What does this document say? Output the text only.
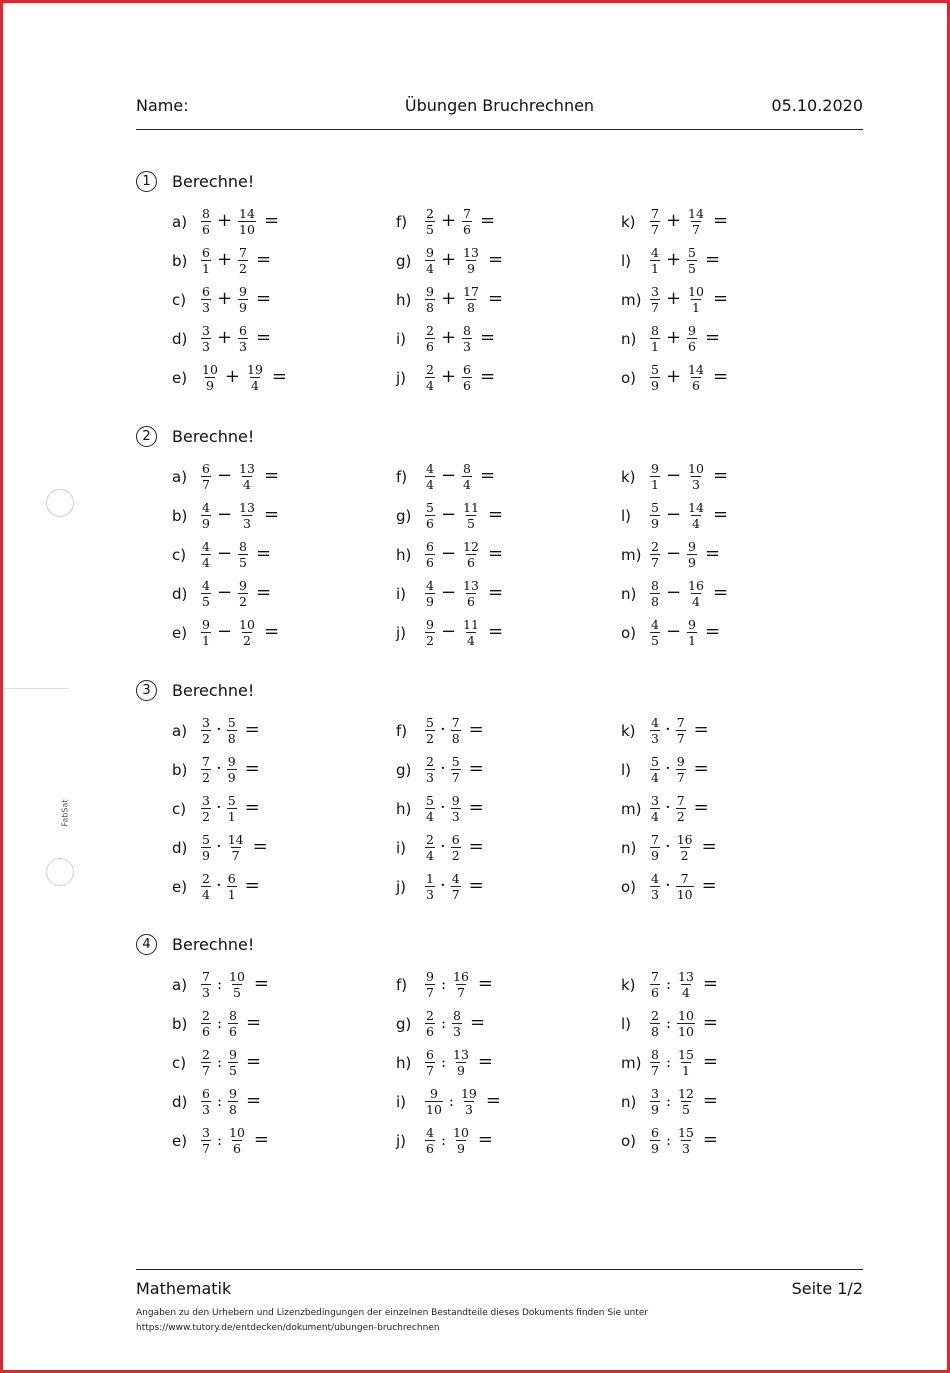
Name:	Übungen Bruchrechnen	05.10.2020
FabSat
1	Berechne!
a)	$\frac{8}{6} + \frac{14}{10}$ =
b)	$\frac{6}{1} + \frac{7}{2}$ =
c)	$\frac{6}{3} + \frac{9}{9}$ =
d)	$\frac{3}{3} + \frac{6}{3}$ =
e)	$\frac{10}{9} + \frac{19}{4}$ =
f)	$\frac{2}{5} + \frac{7}{6}$ =
g)	$\frac{9}{4} + \frac{13}{9}$ =
h)	$\frac{9}{8} + \frac{17}{8}$ =
i)	$\frac{2}{6} + \frac{8}{3}$ =
j)	$\frac{2}{4} + \frac{6}{6}$ =
k)	$\frac{7}{7} + \frac{14}{7}$ =
l)	$\frac{4}{1} + \frac{5}{5}$ =
$m) \frac{3}{7} + \frac{10}{1}$ =
n)	$\frac{8}{1} + \frac{9}{6}$ =
o)	$\frac{5}{9} + \frac{14}{6}$ =
2	Berechne!
a)	$\frac{6}{7} - \frac{13}{4}$ =
b)	$\frac{4}{9} - \frac{13}{3}$ =
c)	$\frac{4}{4} - \frac{8}{5}$ =
d)	$\frac{4}{5} - \frac{9}{2}$ =
e)	$\frac{9}{1} - \frac{10}{2}$ =
f)	$\frac{4}{4} - \frac{8}{4}$ =
g)	$\frac{5}{6} - \frac{11}{5}$ =
h)	$\frac{6}{6} - \frac{12}{6}$ =
i)	$\frac{4}{9} - \frac{13}{6}$ =
j)	$\frac{9}{2} - \frac{11}{4}$ =
k)	$\frac{9}{1} - \frac{10}{3}$ =
l)	$\frac{5}{9} - \frac{14}{4}$ =
$m) \frac{2}{7} - \frac{9}{9}$ =
n)	$\frac{8}{8} - \frac{16}{4}$ =
o)	$\frac{4}{5} - \frac{9}{1}$ =
3	Berechne!
a)	$\frac{3}{2} \cdot \frac{5}{8}$ =
b)	$\frac{7}{2} \cdot \frac{9}{9}$ =
c)	$\frac{3}{2} \cdot \frac{5}{1}$ =
d)	$\frac{5}{9} \cdot \frac{14}{7}$ =
e)	$\frac{2}{4} \cdot \frac{6}{1}$ =
f)	$\frac{5}{2} \cdot \frac{7}{8}$ =
g)	$\frac{2}{3} \cdot \frac{5}{7}$ =
h)	$\frac{5}{4} \cdot \frac{9}{3}$ =
i)	$\frac{2}{4} \cdot \frac{6}{2}$ =
j)	$\frac{1}{3} \cdot \frac{4}{7}$ =
k)	$\frac{4}{3} \cdot \frac{7}{7}$ =
l)	$\frac{5}{4} \cdot \frac{9}{7}$ =
$m) \frac{3}{4} \cdot \frac{7}{2}$ =
n)	$\frac{7}{9} \cdot \frac{16}{2}$ =
o)	$\frac{4}{3} \cdot \frac{7}{10}$ =
4	Berechne!
a)	$\frac{7}{3}$ : $\frac{10}{5}$ =
b)	$\frac{2}{6}$ : $\frac{8}{6}$ =
c)	$\frac{2}{7}$ : $\frac{9}{5}$ =
d)	$\frac{6}{3}$ : $\frac{9}{8}$ =
e)	$\frac{3}{7}$ : $\frac{10}{6}$ =
f)	$\frac{9}{7}$ : $\frac{16}{7}$ =
g)	$\frac{2}{6}$ : $\frac{8}{3}$ =
h)	$\frac{6}{7}$ : $\frac{13}{9}$ =
i)	$\frac{9}{10}$ : $\frac{19}{3}$ =
j)	$\frac{4}{6}$ : $\frac{10}{9}$ =
k)	$\frac{7}{6}$ : $\frac{13}{4}$ =
l)	$\frac{2}{8}$ : $\frac{10}{10}$ =
$m) \frac{8}{7}$ : $\frac{15}{1}$ =
n)	$\frac{3}{9}$ : $\frac{12}{5}$ =
o)	$\frac{6}{9}$ : $\frac{15}{3}$ =
Mathematik	Seite 1/2
Angaben zu den Urhebern und Lizenzbedingungen der einzelnen Bestandteile dieses Dokuments finden Sie unter
https://www.tutory.de/entdecken/dokument/ubungen-bruchrechnen
